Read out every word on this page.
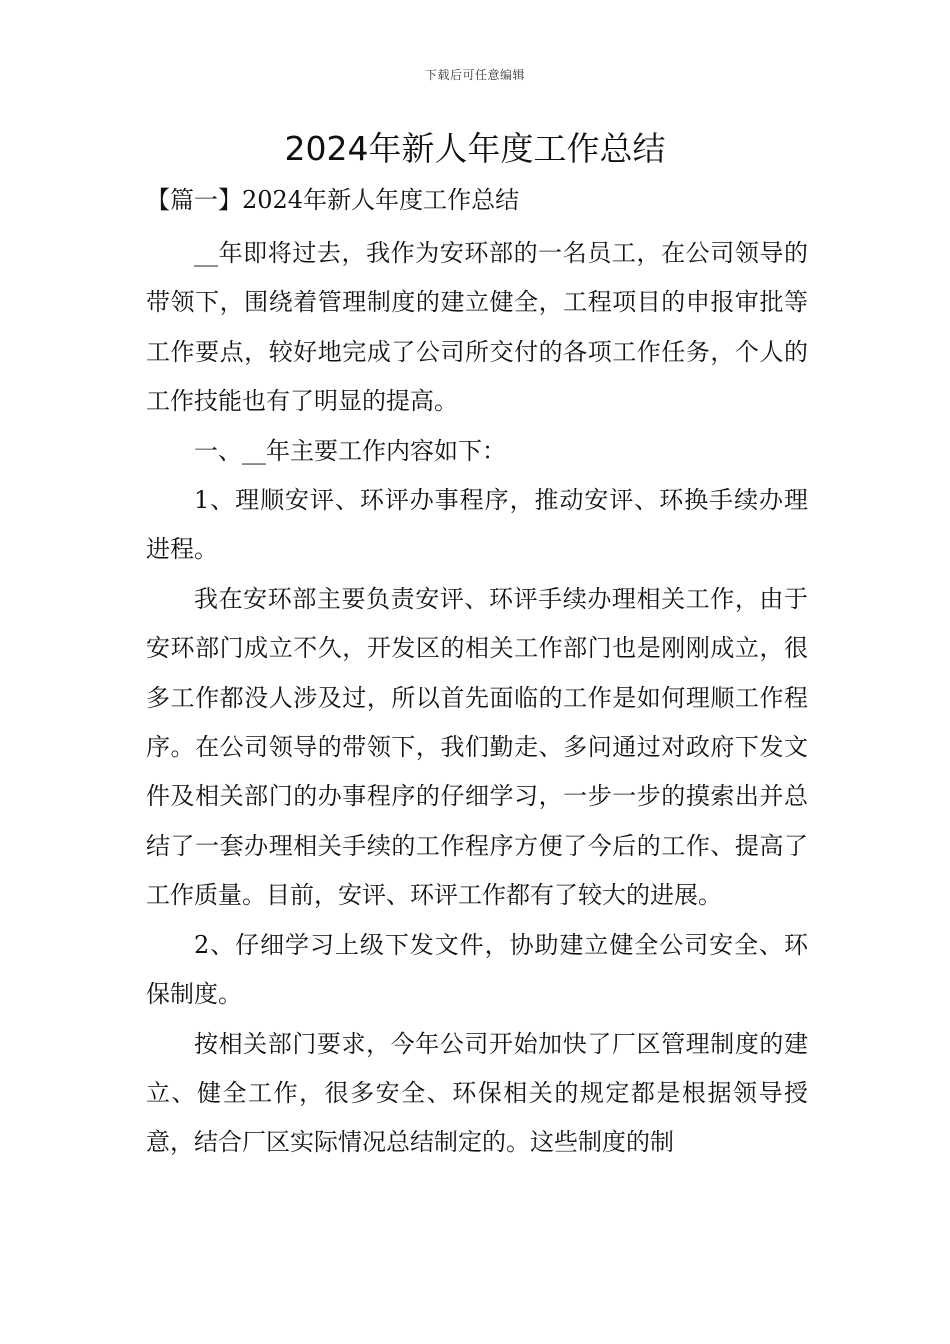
下载后可任意编辑
2024年新人年度工作总结
【篇一】2024年新人年度工作总结

__年即将过去，我作为安环部的一名员工，在公司领导的带领下，围绕着管理制度的建立健全，工程项目的申报审批等工作要点，较好地完成了公司所交付的各项工作任务，个人的工作技能也有了明显的提高。

一、__年主要工作内容如下：

1、理顺安评、环评办事程序，推动安评、环换手续办理进程。

我在安环部主要负责安评、环评手续办理相关工作，由于安环部门成立不久，开发区的相关工作部门也是刚刚成立，很多工作都没人涉及过，所以首先面临的工作是如何理顺工作程序。在公司领导的带领下，我们勤走、多问通过对政府下发文件及相关部门的办事程序的仔细学习，一步一步的摸索出并总结了一套办理相关手续的工作程序方便了今后的工作、提高了工作质量。目前，安评、环评工作都有了较大的进展。

2、仔细学习上级下发文件，协助建立健全公司安全、环保制度。

按相关部门要求，今年公司开始加快了厂区管理制度的建立、健全工作，很多安全、环保相关的规定都是根据领导授意，结合厂区实际情况总结制定的。这些制度的制
